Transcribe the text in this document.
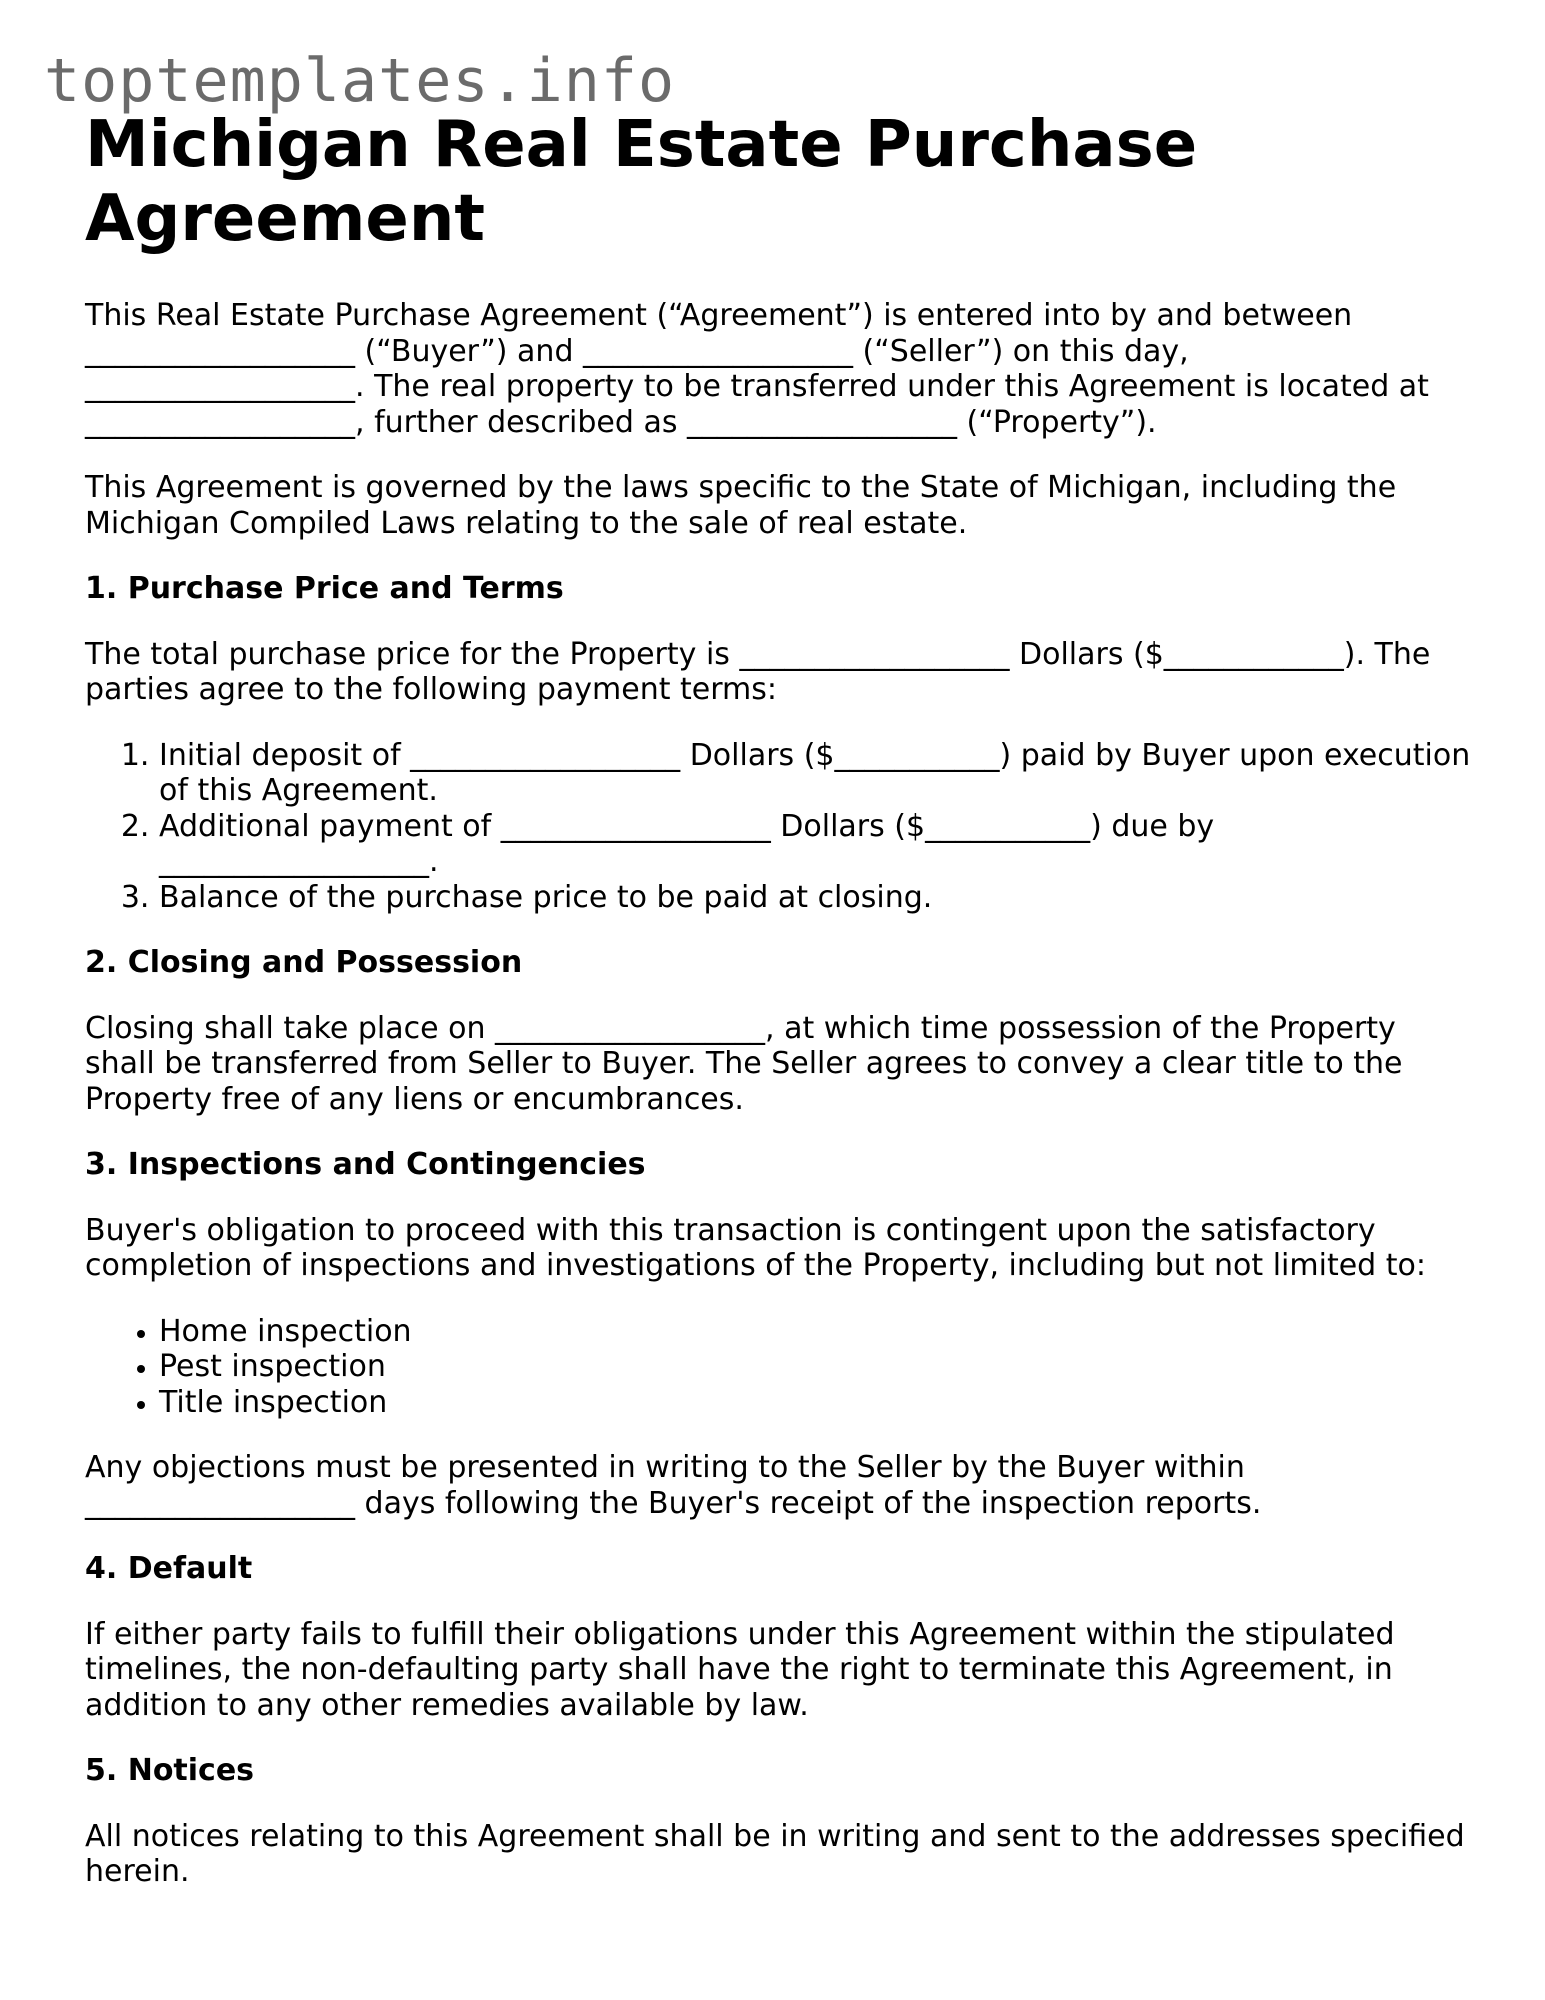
toptemplates.info
Michigan Real Estate Purchase Agreement

This Real Estate Purchase Agreement (“Agreement”) is entered into by and between __________________ (“Buyer”) and __________________ (“Seller”) on this day, __________________. The real property to be transferred under this Agreement is located at __________________, further described as __________________ (“Property”).

This Agreement is governed by the laws specific to the State of Michigan, including the Michigan Compiled Laws relating to the sale of real estate.

1. Purchase Price and Terms

The total purchase price for the Property is __________________ Dollars ($____________). The parties agree to the following payment terms:

1. Initial deposit of __________________ Dollars ($___________) paid by Buyer upon execution of this Agreement.
2. Additional payment of __________________ Dollars ($___________) due by __________________.
3. Balance of the purchase price to be paid at closing.
2. Closing and Possession

Closing shall take place on __________________, at which time possession of the Property shall be transferred from Seller to Buyer. The Seller agrees to convey a clear title to the Property free of any liens or encumbrances.

3. Inspections and Contingencies

Buyer's obligation to proceed with this transaction is contingent upon the satisfactory completion of inspections and investigations of the Property, including but not limited to:

• Home inspection
• Pest inspection
• Title inspection

Any objections must be presented in writing to the Seller by the Buyer within __________________ days following the Buyer's receipt of the inspection reports.

4. Default

If either party fails to fulfill their obligations under this Agreement within the stipulated timelines, the non-defaulting party shall have the right to terminate this Agreement, in addition to any other remedies available by law.

5. Notices

All notices relating to this Agreement shall be in writing and sent to the addresses specified herein.
